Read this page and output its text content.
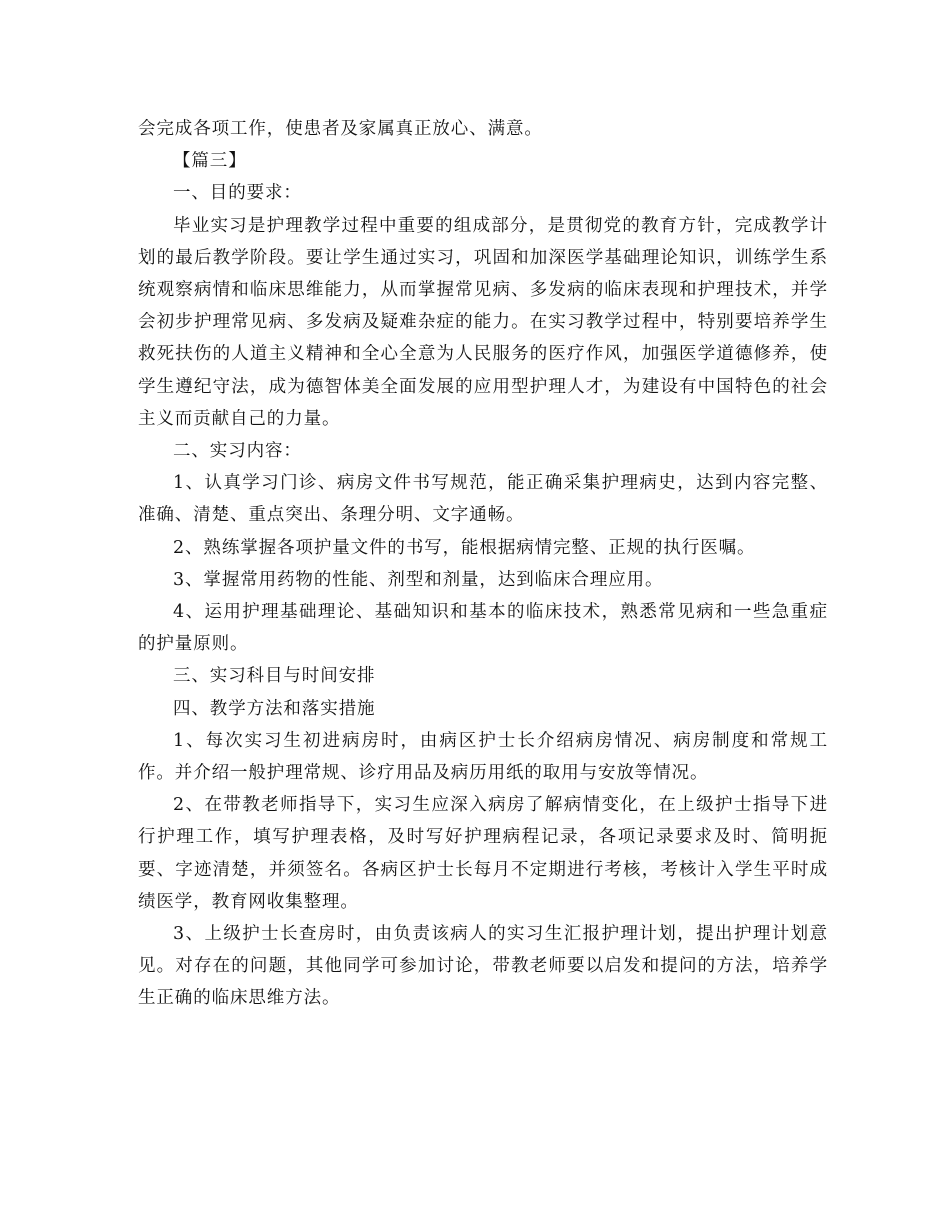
会完成各项工作，使患者及家属真正放心、满意。

【篇三】

一、目的要求：

毕业实习是护理教学过程中重要的组成部分，是贯彻党的教育方针，完成教学计划的最后教学阶段。要让学生通过实习，巩固和加深医学基础理论知识，训练学生系统观察病情和临床思维能力，从而掌握常见病、多发病的临床表现和护理技术，并学会初步护理常见病、多发病及疑难杂症的能力。在实习教学过程中，特别要培养学生救死扶伤的人道主义精神和全心全意为人民服务的医疗作风，加强医学道德修养，使学生遵纪守法，成为德智体美全面发展的应用型护理人才，为建设有中国特色的社会主义而贡献自己的力量。

二、实习内容：

1、认真学习门诊、病房文件书写规范，能正确采集护理病史，达到内容完整、准确、清楚、重点突出、条理分明、文字通畅。

2、熟练掌握各项护量文件的书写，能根据病情完整、正规的执行医嘱。

3、掌握常用药物的性能、剂型和剂量，达到临床合理应用。

4、运用护理基础理论、基础知识和基本的临床技术，熟悉常见病和一些急重症的护量原则。

三、实习科目与时间安排

四、教学方法和落实措施

1、每次实习生初进病房时，由病区护士长介绍病房情况、病房制度和常规工作。并介绍一般护理常规、诊疗用品及病历用纸的取用与安放等情况。

2、在带教老师指导下，实习生应深入病房了解病情变化，在上级护士指导下进行护理工作，填写护理表格，及时写好护理病程记录，各项记录要求及时、简明扼要、字迹清楚，并须签名。各病区护士长每月不定期进行考核，考核计入学生平时成绩医学，教育网收集整理。

3、上级护士长查房时，由负责该病人的实习生汇报护理计划，提出护理计划意见。对存在的问题，其他同学可参加讨论，带教老师要以启发和提问的方法，培养学生正确的临床思维方法。
